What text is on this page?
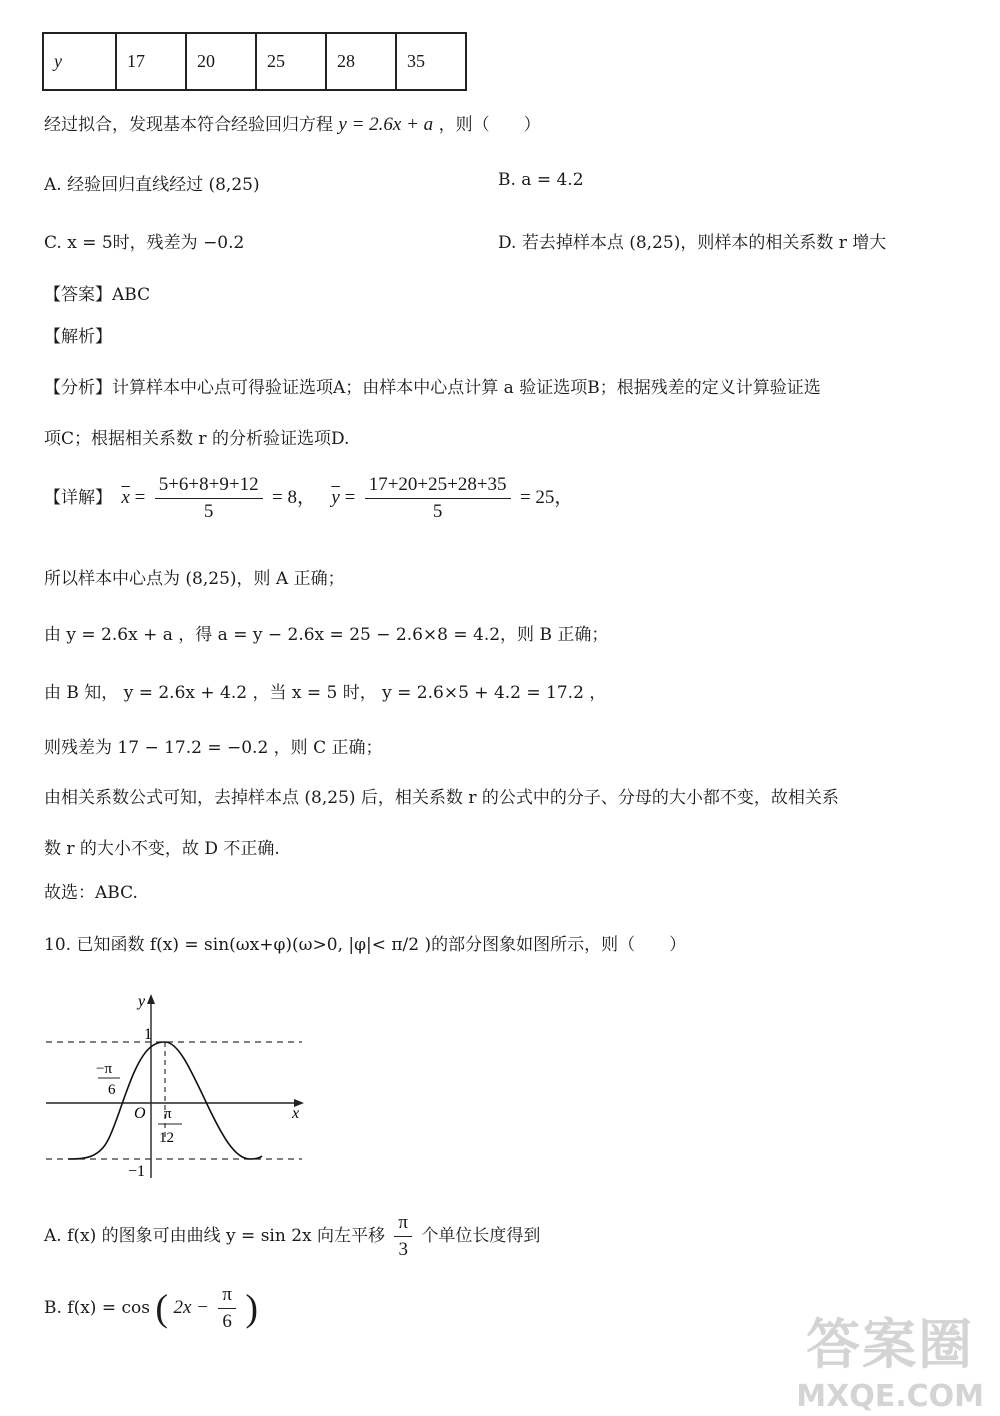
y	17	20	25	28	35
经过拟合，发现基本符合经验回归方程 y = 2.6x + a ，则（　　）
A. 经验回归直线经过 (8,25)	B. a = 4.2
C. x = 5时，残差为 −0.2	D. 若去掉样本点 (8,25)，则样本的相关系数 r 增大
【答案】ABC
【解析】
【分析】计算样本中心点可得验证选项A；由样本中心点计算 a 验证选项B；根据残差的定义计算验证选
项C；根据相关系数 r 的分析验证选项D.
【详解】 $\overline{x} = \frac{5+6+8+9+12}{5} = 8$， $\overline{y} = \frac{17+20+25+28+35}{5} = 25$，
所以样本中心点为 (8,25)，则 A 正确；
由 y = 2.6x + a ，得 a = y − 2.6x = 25 − 2.6×8 = 4.2，则 B 正确；
由 B 知， y = 2.6x + 4.2 ，当 x = 5 时， y = 2.6×5 + 4.2 = 17.2 ，
则残差为 17 − 17.2 = −0.2 ，则 C 正确；
由相关系数公式可知，去掉样本点 (8,25) 后，相关系数 r 的公式中的分子、分母的大小都不变，故相关系
数 r 的大小不变，故 D 不正确.
故选：ABC.
10. 已知函数 f(x) = sin(ωx+φ)(ω>0, |φ|< π/2 )的部分图象如图所示，则（　　）
y
x
O
1
−1
−π
6
π
12
A. f(x) 的图象可由曲线 y = sin 2x 向左平移 $\frac{\pi}{3}$ 个单位长度得到
B. f(x) = cos ( $2x - \frac{\pi}{6}$ )
答案圈
MXQE.COM
